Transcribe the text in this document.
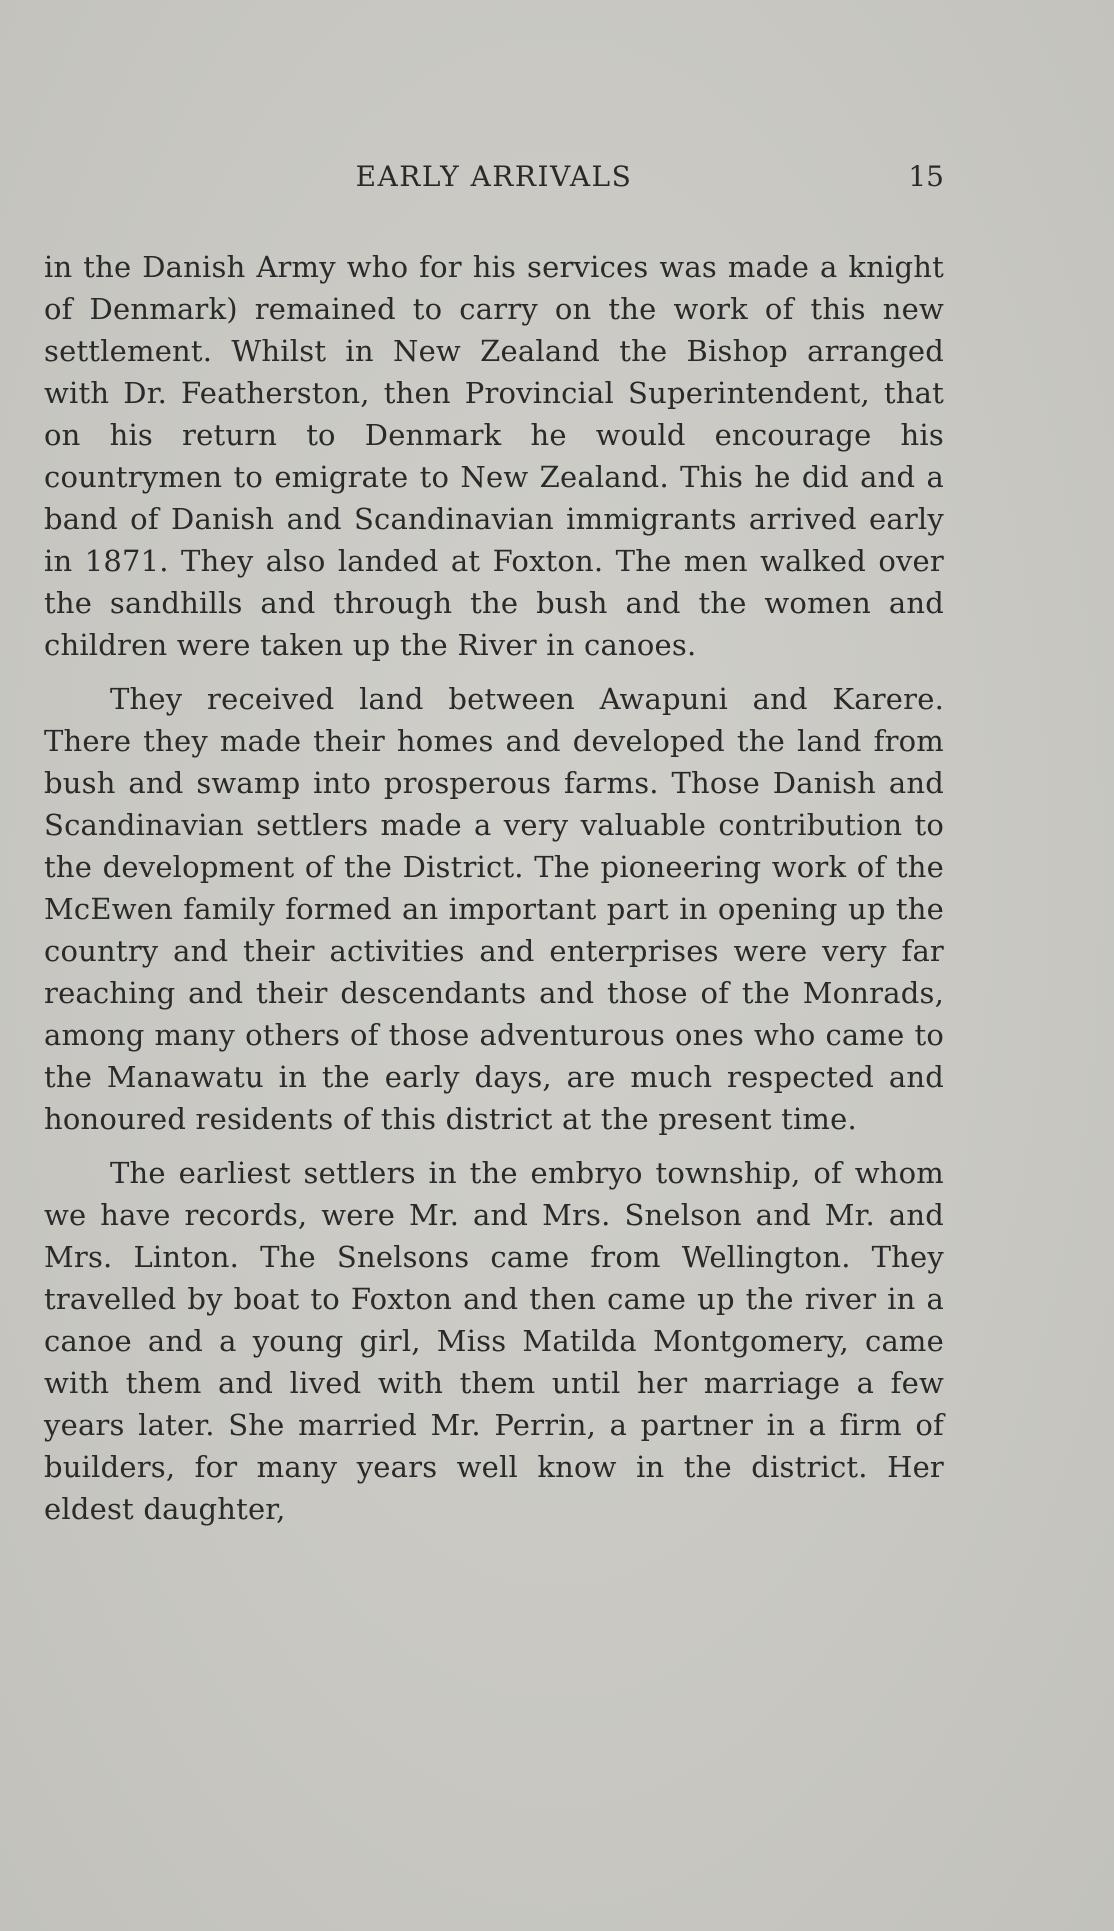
EARLY ARRIVALS	15

in the Danish Army who for his services was made a knight of Denmark) remained to carry on the work of this new settlement. Whilst in New Zealand the Bishop arranged with Dr. Featherston, then Provincial Superintendent, that on his return to Denmark he would encourage his countrymen to emigrate to New Zealand. This he did and a band of Danish and Scandinavian immigrants arrived early in 1871. They also landed at Foxton. The men walked over the sandhills and through the bush and the women and children were taken up the River in canoes.

They received land between Awapuni and Karere. There they made their homes and developed the land from bush and swamp into prosperous farms. Those Danish and Scandinavian settlers made a very valuable contribution to the development of the District. The pioneering work of the McEwen family formed an important part in opening up the country and their activities and enterprises were very far reaching and their descendants and those of the Monrads, among many others of those adventurous ones who came to the Manawatu in the early days, are much respected and honoured residents of this district at the present time.

The earliest settlers in the embryo township, of whom we have records, were Mr. and Mrs. Snelson and Mr. and Mrs. Linton. The Snelsons came from Wellington. They travelled by boat to Foxton and then came up the river in a canoe and a young girl, Miss Matilda Montgomery, came with them and lived with them until her marriage a few years later. She married Mr. Perrin, a partner in a firm of builders, for many years well know in the district. Her eldest daughter,
